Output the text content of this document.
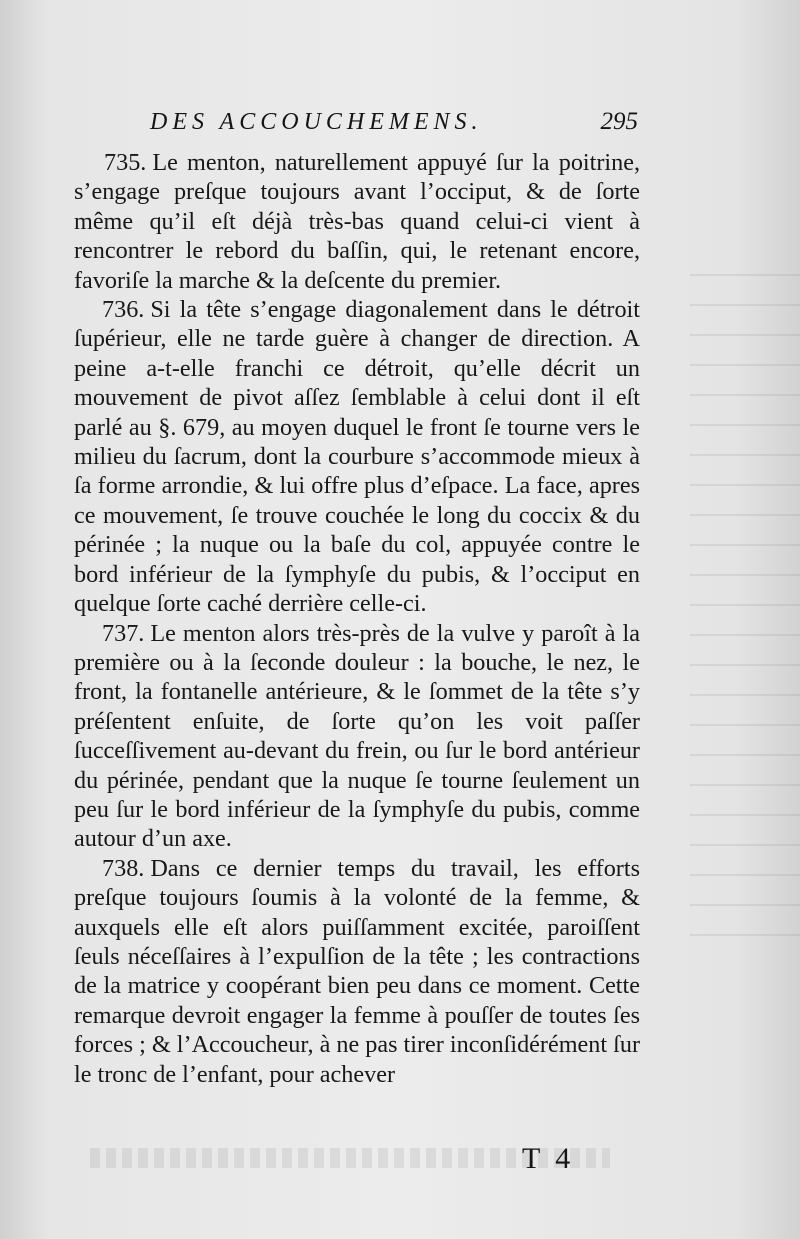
DES ACCOUCHEMENS.	295

735. Le menton, naturellement appuyé ſur la poitrine, s’engage preſque toujours avant l’occiput, & de ſorte même qu’il eſt déjà très-bas quand celui-ci vient à rencontrer le rebord du baſſin, qui, le retenant encore, favoriſe la marche & la deſcente du premier.

736. Si la tête s’engage diagonalement dans le détroit ſupérieur, elle ne tarde guère à changer de direction. A peine a-t-elle franchi ce détroit, qu’elle décrit un mouvement de pivot aſſez ſemblable à celui dont il eſt parlé au §. 679, au moyen duquel le front ſe tourne vers le milieu du ſacrum, dont la courbure s’accommode mieux à ſa forme arrondie, & lui offre plus d’eſpace. La face, apres ce mouvement, ſe trouve couchée le long du coccix & du périnée ; la nuque ou la baſe du col, appuyée contre le bord inférieur de la ſymphyſe du pubis, & l’occiput en quelque ſorte caché derrière celle-ci.

737. Le menton alors très-près de la vulve y paroît à la première ou à la ſeconde douleur : la bouche, le nez, le front, la fontanelle antérieure, & le ſommet de la tête s’y préſentent enſuite, de ſorte qu’on les voit paſſer ſucceſſivement au-devant du frein, ou ſur le bord antérieur du périnée, pendant que la nuque ſe tourne ſeulement un peu ſur le bord inférieur de la ſymphyſe du pubis, comme autour d’un axe.

738. Dans ce dernier temps du travail, les efforts preſque toujours ſoumis à la volonté de la femme, & auxquels elle eſt alors puiſſamment excitée, paroiſſent ſeuls néceſſaires à l’expulſion de la tête ; les contractions de la matrice y coopérant bien peu dans ce moment. Cette remarque devroit engager la femme à pouſſer de toutes ſes forces ; & l’Accoucheur, à ne pas tirer inconſidérément ſur le tronc de l’enfant, pour achever

T 4
